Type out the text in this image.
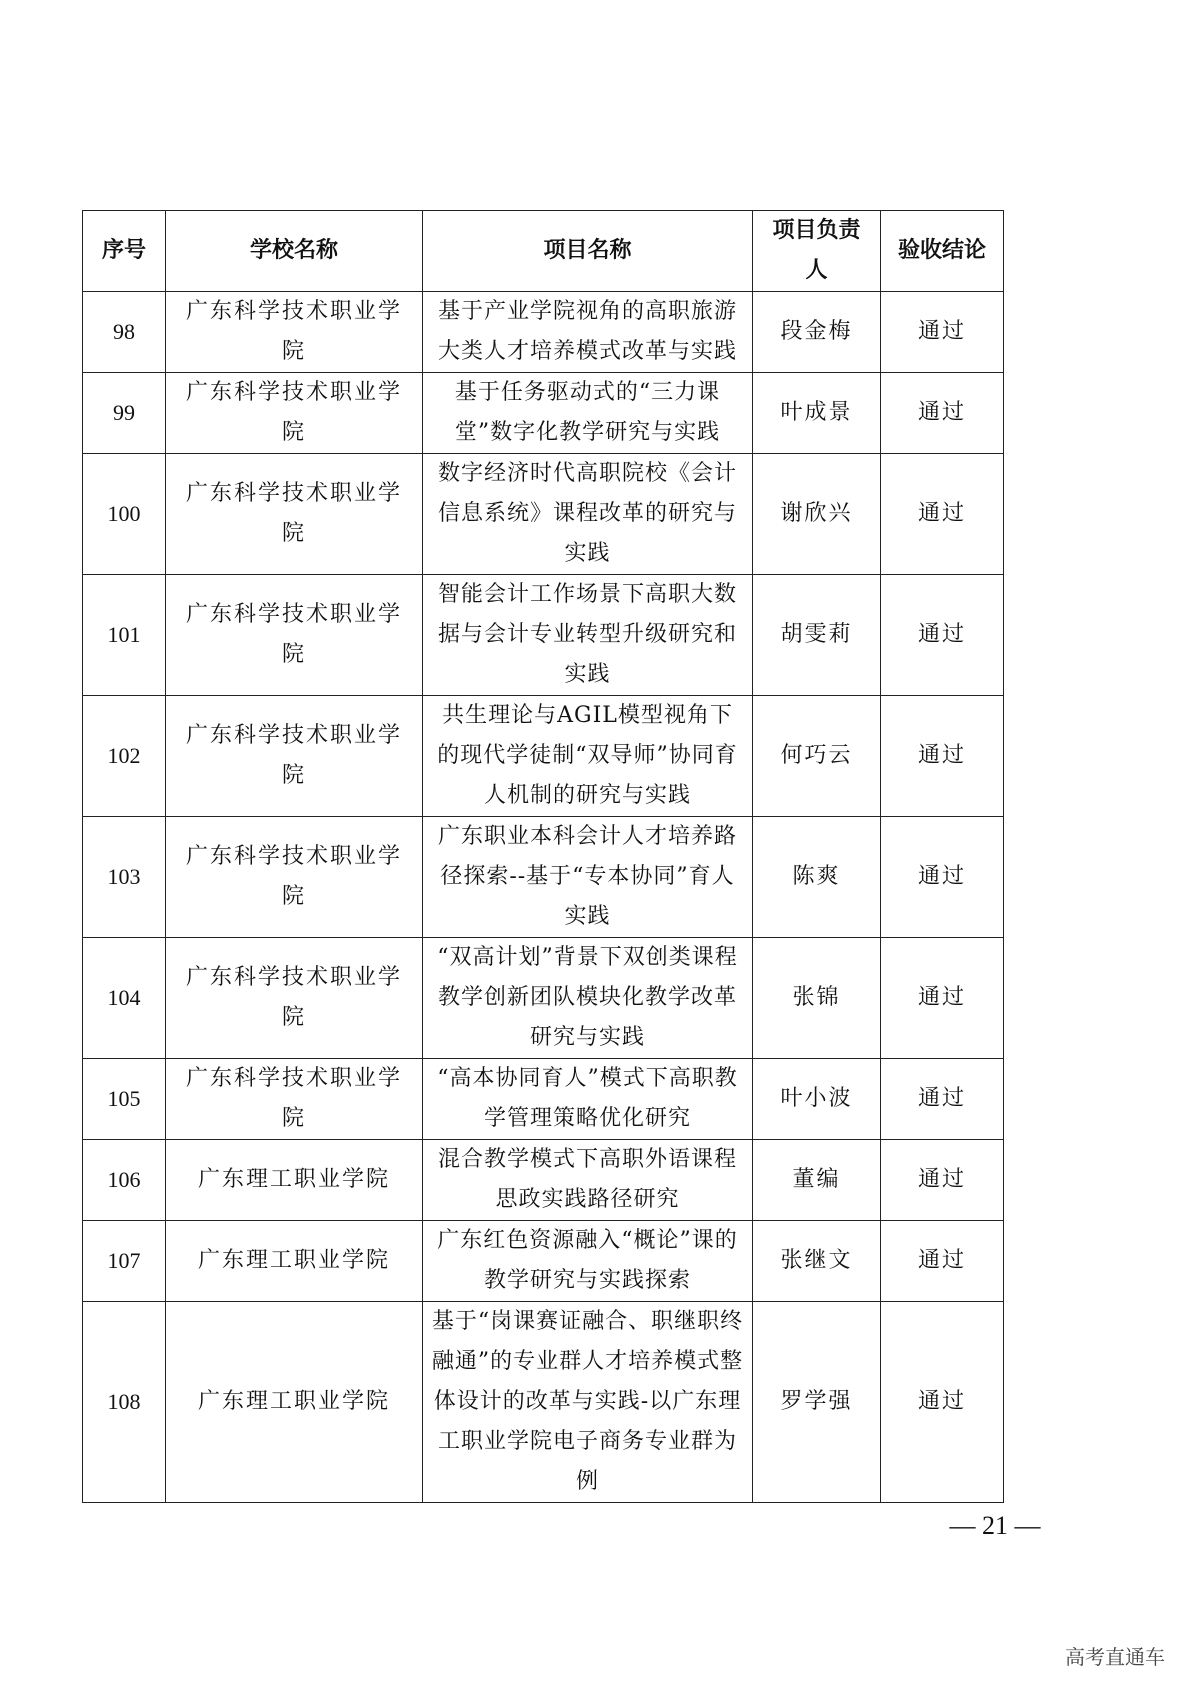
序号	学校名称	项目名称	项目负责人	验收结论
98	广东科学技术职业学院	基于产业学院视角的高职旅游大类人才培养模式改革与实践	段金梅	通过
99	广东科学技术职业学院	基于任务驱动式的“三力课堂”数字化教学研究与实践	叶成景	通过
100	广东科学技术职业学院	数字经济时代高职院校《会计信息系统》课程改革的研究与实践	谢欣兴	通过
101	广东科学技术职业学院	智能会计工作场景下高职大数据与会计专业转型升级研究和实践	胡雯莉	通过
102	广东科学技术职业学院	共生理论与AGIL模型视角下的现代学徒制“双导师”协同育人机制的研究与实践	何巧云	通过
103	广东科学技术职业学院	广东职业本科会计人才培养路径探索--基于“专本协同”育人实践	陈爽	通过
104	广东科学技术职业学院	“双高计划”背景下双创类课程教学创新团队模块化教学改革研究与实践	张锦	通过
105	广东科学技术职业学院	“高本协同育人”模式下高职教学管理策略优化研究	叶小波	通过
106	广东理工职业学院	混合教学模式下高职外语课程思政实践路径研究	董编	通过
107	广东理工职业学院	广东红色资源融入“概论”课的教学研究与实践探索	张继文	通过
108	广东理工职业学院	基于“岗课赛证融合、职继职终融通”的专业群人才培养模式整体设计的改革与实践-以广东理工职业学院电子商务专业群为例	罗学强	通过
— 21 —
高考直通车
